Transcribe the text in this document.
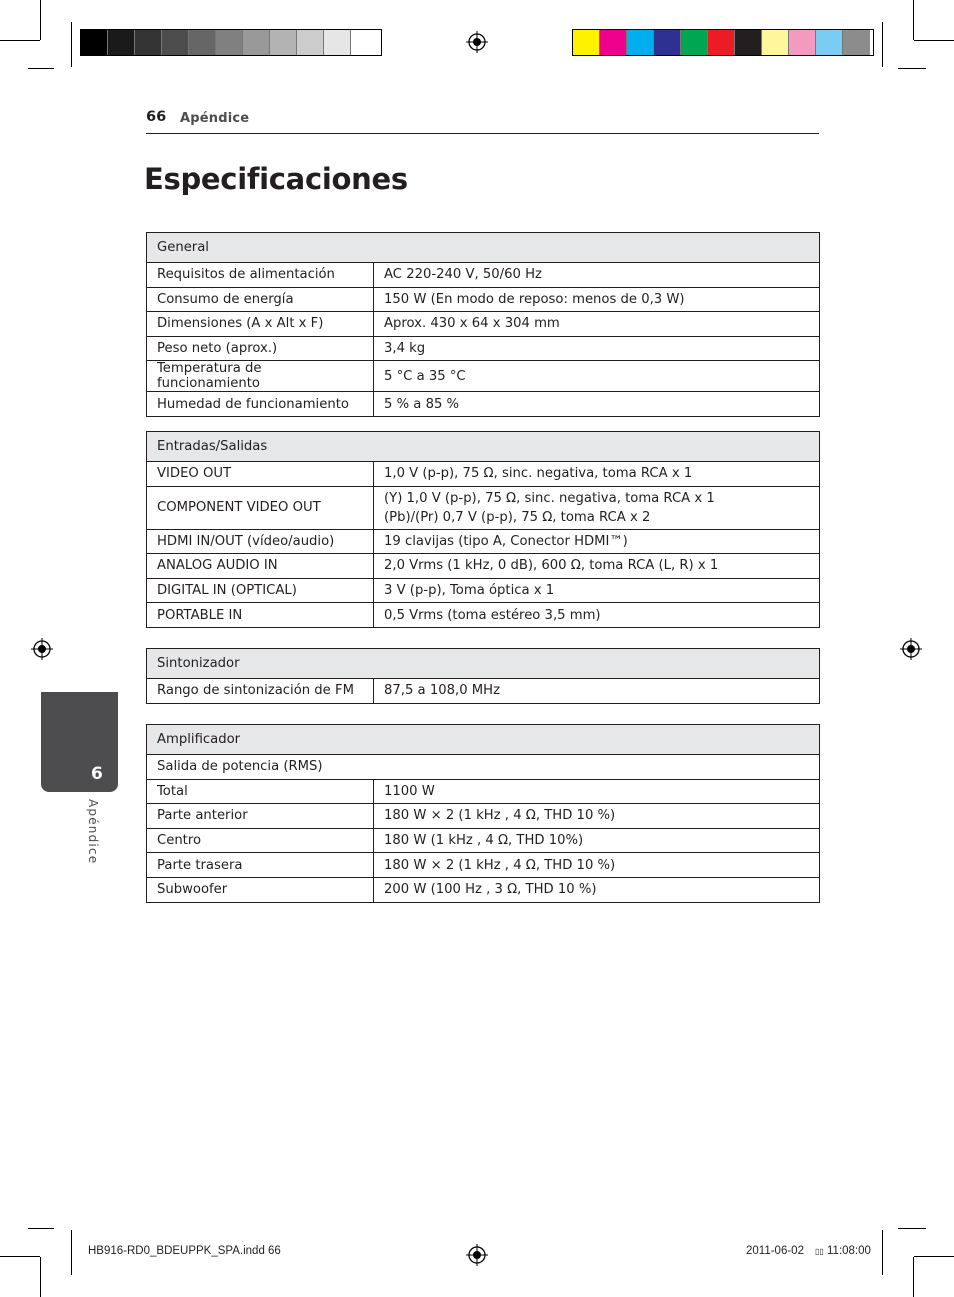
66 Apéndice
Especificaciones
General	
Requisitos de alimentación	AC 220-240 V, 50/60 Hz
Consumo de energía	150 W (En modo de reposo: menos de 0,3 W)
Dimensiones (A x Alt x F)	Aprox. 430 x 64 x 304 mm
Peso neto (aprox.)	3,4 kg
Temperatura de funcionamiento	5 °C a 35 °C
Humedad de funcionamiento	5 % a 85 %
Entradas/Salidas	
VIDEO OUT	1,0 V (p-p), 75 Ω, sinc. negativa, toma RCA x 1
COMPONENT VIDEO OUT	(Y) 1,0 V (p-p), 75 Ω, sinc. negativa, toma RCA x 1
(Pb)/(Pr) 0,7 V (p-p), 75 Ω, toma RCA x 2
HDMI IN/OUT (vídeo/audio)	19 clavijas (tipo A, Conector HDMI™)
ANALOG AUDIO IN	2,0 Vrms (1 kHz, 0 dB), 600 Ω, toma RCA (L, R) x 1
DIGITAL IN (OPTICAL)	3 V (p-p), Toma óptica x 1
PORTABLE IN	0,5 Vrms (toma estéreo 3,5 mm)
Sintonizador
Rango de sintonización de FM	87,5 a 108,0 MHz
Amplificador	
Salida de potencia (RMS)	
Total	1100 W
Parte anterior	180 W × 2 (1 kHz , 4 Ω, THD 10 %)
Centro	180 W (1 kHz , 4 Ω, THD 10%)
Parte trasera	180 W × 2 (1 kHz , 4 Ω, THD 10 %)
Subwoofer	200 W (100 Hz , 3 Ω, THD 10 %)
6
Apéndice
HB916-RD0_BDEUPPK_SPA.indd 66	2011-06-02 ▯▯ 11:08:00
